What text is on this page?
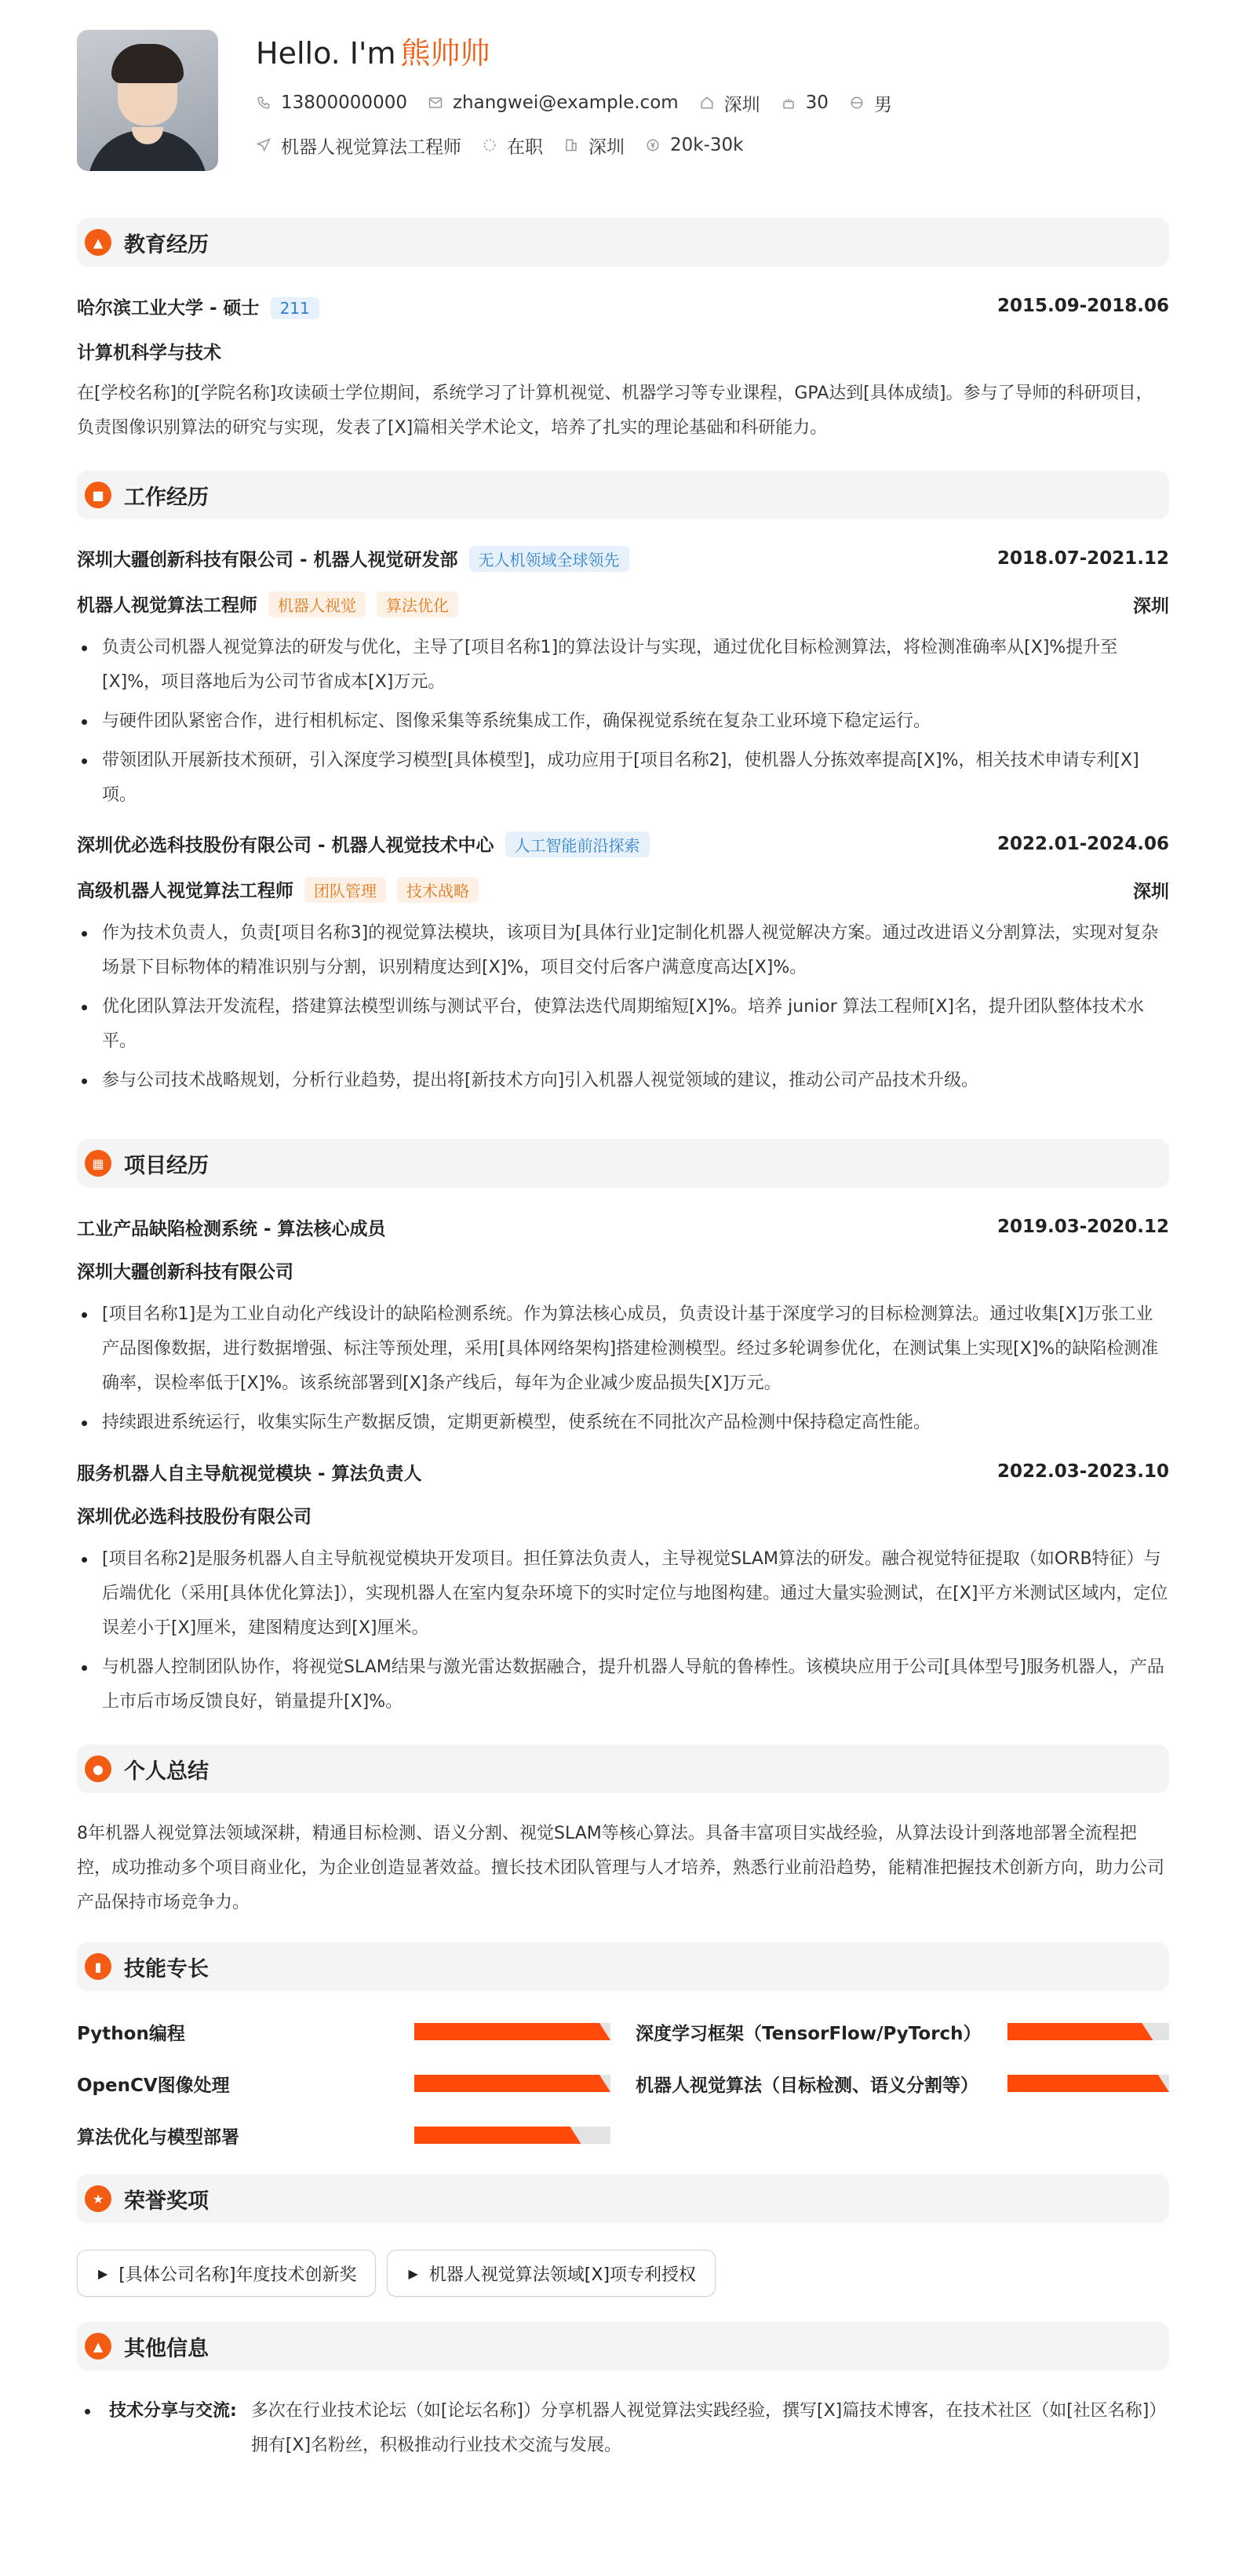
Hello. I'm 熊帅帅
13800000000	zhangwei@example.com	深圳	30	男
机器人视觉算法工程师	在职	深圳	20k-30k
▲ 教育经历
哈尔滨工业大学 - 硕士 211	2015.09-2018.06
计算机科学与技术
在[学校名称]的[学院名称]攻读硕士学位期间，系统学习了计算机视觉、机器学习等专业课程，GPA达到[具体成绩]。参与了导师的科研项目，负责图像识别算法的研究与实现，发表了[X]篇相关学术论文，培养了扎实的理论基础和科研能力。
■ 工作经历
深圳大疆创新科技有限公司 - 机器人视觉研发部 无人机领域全球领先	2018.07-2021.12
机器人视觉算法工程师 机器人视觉 算法优化	深圳
负责公司机器人视觉算法的研发与优化，主导了[项目名称1]的算法设计与实现，通过优化目标检测算法，将检测准确率从[X]%提升至[X]%，项目落地后为公司节省成本[X]万元。
与硬件团队紧密合作，进行相机标定、图像采集等系统集成工作，确保视觉系统在复杂工业环境下稳定运行。
带领团队开展新技术预研，引入深度学习模型[具体模型]，成功应用于[项目名称2]，使机器人分拣效率提高[X]%，相关技术申请专利[X]项。
深圳优必选科技股份有限公司 - 机器人视觉技术中心 人工智能前沿探索	2022.01-2024.06
高级机器人视觉算法工程师 团队管理 技术战略	深圳
作为技术负责人，负责[项目名称3]的视觉算法模块，该项目为[具体行业]定制化机器人视觉解决方案。通过改进语义分割算法，实现对复杂场景下目标物体的精准识别与分割，识别精度达到[X]%，项目交付后客户满意度高达[X]%。
优化团队算法开发流程，搭建算法模型训练与测试平台，使算法迭代周期缩短[X]%。培养 junior 算法工程师[X]名，提升团队整体技术水平。
参与公司技术战略规划，分析行业趋势，提出将[新技术方向]引入机器人视觉领域的建议，推动公司产品技术升级。
▦ 项目经历
工业产品缺陷检测系统 - 算法核心成员	2019.03-2020.12
深圳大疆创新科技有限公司
[项目名称1]是为工业自动化产线设计的缺陷检测系统。作为算法核心成员，负责设计基于深度学习的目标检测算法。通过收集[X]万张工业产品图像数据，进行数据增强、标注等预处理，采用[具体网络架构]搭建检测模型。经过多轮调参优化，在测试集上实现[X]%的缺陷检测准确率，误检率低于[X]%。该系统部署到[X]条产线后，每年为企业减少废品损失[X]万元。
持续跟进系统运行，收集实际生产数据反馈，定期更新模型，使系统在不同批次产品检测中保持稳定高性能。
服务机器人自主导航视觉模块 - 算法负责人	2022.03-2023.10
深圳优必选科技股份有限公司
[项目名称2]是服务机器人自主导航视觉模块开发项目。担任算法负责人，主导视觉SLAM算法的研发。融合视觉特征提取（如ORB特征）与后端优化（采用[具体优化算法]），实现机器人在室内复杂环境下的实时定位与地图构建。通过大量实验测试，在[X]平方米测试区域内，定位误差小于[X]厘米，建图精度达到[X]厘米。
与机器人控制团队协作，将视觉SLAM结果与激光雷达数据融合，提升机器人导航的鲁棒性。该模块应用于公司[具体型号]服务机器人，产品上市后市场反馈良好，销量提升[X]%。
● 个人总结
8年机器人视觉算法领域深耕，精通目标检测、语义分割、视觉SLAM等核心算法。具备丰富项目实战经验，从算法设计到落地部署全流程把控，成功推动多个项目商业化，为企业创造显著效益。擅长技术团队管理与人才培养，熟悉行业前沿趋势，能精准把握技术创新方向，助力公司产品保持市场竞争力。
▮	技能专长
Python编程	深度学习框架（TensorFlow/PyTorch）
OpenCV图像处理	机器人视觉算法（目标检测、语义分割等）
算法优化与模型部署
★ 荣誉奖项
▶ [具体公司名称]年度技术创新奖	▶ 机器人视觉算法领域[X]项专利授权
▲ 其他信息
技术分享与交流: 多次在行业技术论坛（如[论坛名称]）分享机器人视觉算法实践经验，撰写[X]篇技术博客，在技术社区（如[社区名称]）拥有[X]名粉丝，积极推动行业技术交流与发展。
